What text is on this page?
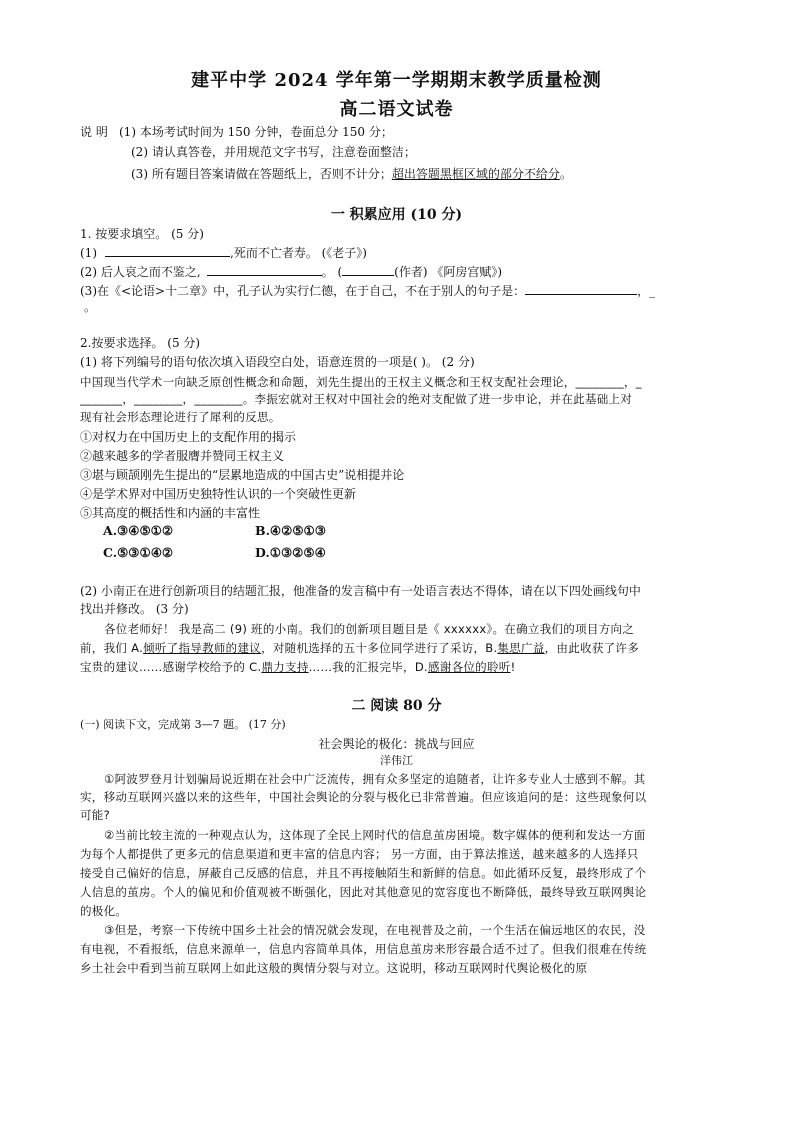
建平中学 2024 学年第一学期期末教学质量检测
高二语文试卷
说 明 (1) 本场考试时间为 150 分钟，卷面总分 150 分；
(2) 请认真答卷，并用规范文字书写，注意卷面整洁；
(3) 所有题目答案请做在答题纸上，否则不计分；超出答题黑框区域的部分不给分。
一 积累应用 (10 分)
1. 按要求填空。 (5 分)
(1)	,死而不亡者寿。 (《老子》)
(2) 后人哀之而不鉴之,	。 (	(作者) 《阿房宫赋》)
(3)在《<论语>十二章》中，孔子认为实行仁德，在于自己，不在于别人的句子是：	，_
。
2.按要求选择。 (5 分)
(1) 将下列编号的语句依次填入语段空白处，语意连贯的一项是( )。 (2 分)
中国现当代学术一向缺乏原创性概念和命题，刘先生提出的王权主义概念和王权支配社会理论，________，_
_______，________，________。李振宏就对王权对中国社会的绝对支配做了进一步申论，并在此基础上对
现有社会形态理论进行了犀利的反思。
①对权力在中国历史上的支配作用的揭示
②越来越多的学者服膺并赞同王权主义
③堪与顾颉刚先生提出的“层累地造成的中国古史”说相提并论
④是学术界对中国历史独特性认识的一个突破性更新
⑤其高度的概括性和内涵的丰富性
A.③④⑤①②	B.④②⑤①③
C.⑤③①④②	D.①③②⑤④
(2) 小南正在进行创新项目的结题汇报，他准备的发言稿中有一处语言表达不得体，请在以下四处画线句中
找出并修改。 (3 分)
各位老师好！ 我是高二 (9) 班的小南。我们的创新项目题目是《 xxxxxx》。在确立我们的项目方向之
前，我们 A.倾听了指导教师的建议，对随机选择的五十多位同学进行了采访，B.集思广益，由此收获了许多
宝贵的建议……感谢学校给予的 C.鼎力支持……我的汇报完毕，D.感谢各位的聆听!
二 阅读 80 分
(一) 阅读下文，完成第 3—7 题。 (17 分)
社会舆论的极化：挑战与回应
洋伟江
①阿波罗登月计划骗局说近期在社会中广泛流传，拥有众多坚定的追随者，让许多专业人士感到不解。其
实，移动互联网兴盛以来的这些年，中国社会舆论的分裂与极化已非常普遍。但应该追问的是：这些现象何以
可能?
②当前比较主流的一种观点认为，这体现了全民上网时代的信息茧房困境。数字媒体的便利和发达一方面
为每个人都提供了更多元的信息渠道和更丰富的信息内容； 另一方面，由于算法推送，越来越多的人选择只
接受自己偏好的信息，屏蔽自己反感的信息，并且不再接触陌生和新鲜的信息。如此循环反复，最终形成了个
人信息的茧房。个人的偏见和价值观被不断强化，因此对其他意见的宽容度也不断降低，最终导致互联网舆论
的极化。
③但是，考察一下传统中国乡土社会的情况就会发现，在电视普及之前，一个生活在偏远地区的农民，没
有电视，不看报纸，信息来源单一，信息内容简单具体，用信息茧房来形容最合适不过了。但我们很难在传统
乡土社会中看到当前互联网上如此这般的舆情分裂与对立。这说明，移动互联网时代舆论极化的原
